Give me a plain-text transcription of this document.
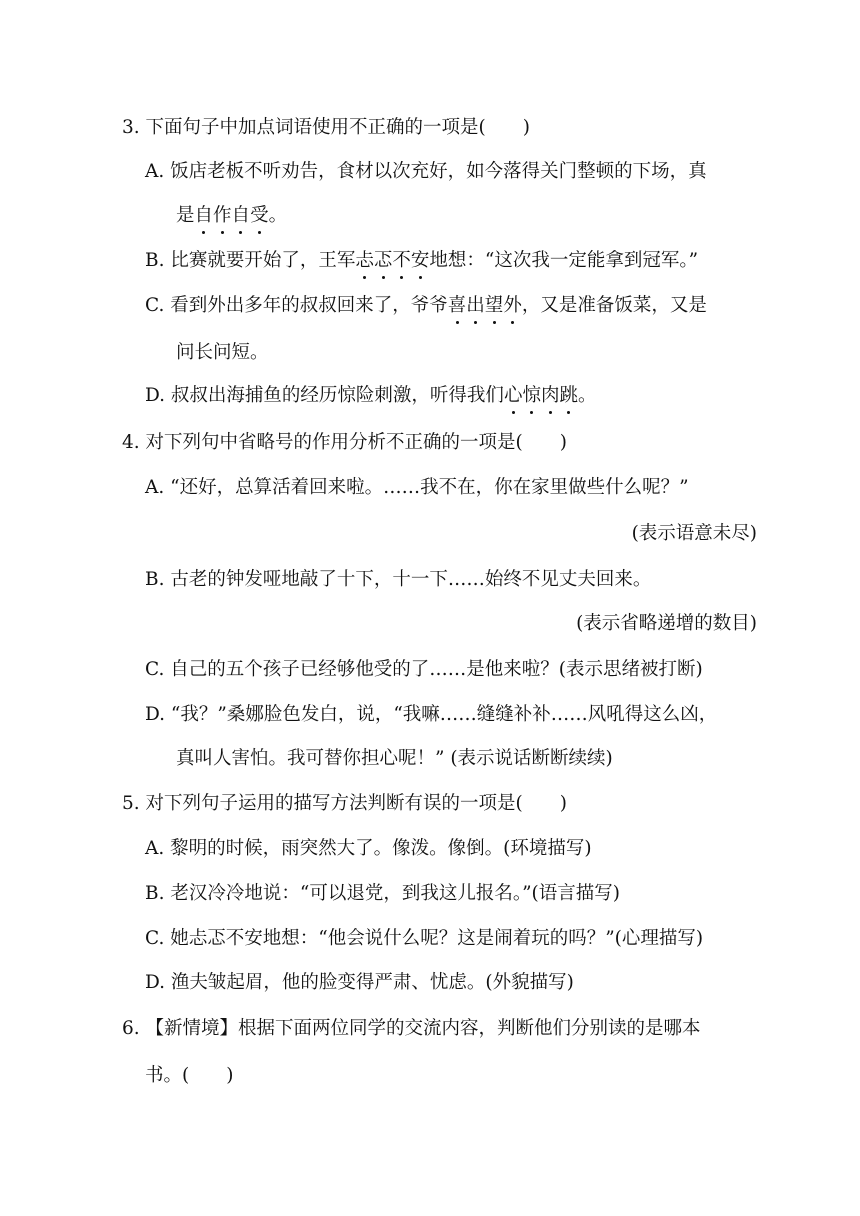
3. 下面句子中加点词语使用不正确的一项是(　　)
A. 饭店老板不听劝告，食材以次充好，如今落得关门整顿的下场，真
是自作自受。
B. 比赛就要开始了，王军忐忑不安地想：“这次我一定能拿到冠军。”
C. 看到外出多年的叔叔回来了，爷爷喜出望外，又是准备饭菜，又是
问长问短。
D. 叔叔出海捕鱼的经历惊险刺激，听得我们心惊肉跳。
4. 对下列句中省略号的作用分析不正确的一项是(　　)
A. “还好，总算活着回来啦。……我不在，你在家里做些什么呢？”
(表示语意未尽)
B. 古老的钟发哑地敲了十下，十一下……始终不见丈夫回来。
(表示省略递增的数目)
C. 自己的五个孩子已经够他受的了……是他来啦？(表示思绪被打断)
D. “我？”桑娜脸色发白，说，“我嘛……缝缝补补……风吼得这么凶，
真叫人害怕。我可替你担心呢！” (表示说话断断续续)
5. 对下列句子运用的描写方法判断有误的一项是(　　)
A. 黎明的时候，雨突然大了。像泼。像倒。(环境描写)
B. 老汉冷冷地说：“可以退党，到我这儿报名。”(语言描写)
C. 她忐忑不安地想：“他会说什么呢？这是闹着玩的吗？”(心理描写)
D. 渔夫皱起眉，他的脸变得严肃、忧虑。(外貌描写)
6. 【新情境】根据下面两位同学的交流内容，判断他们分别读的是哪本
书。(　　)
